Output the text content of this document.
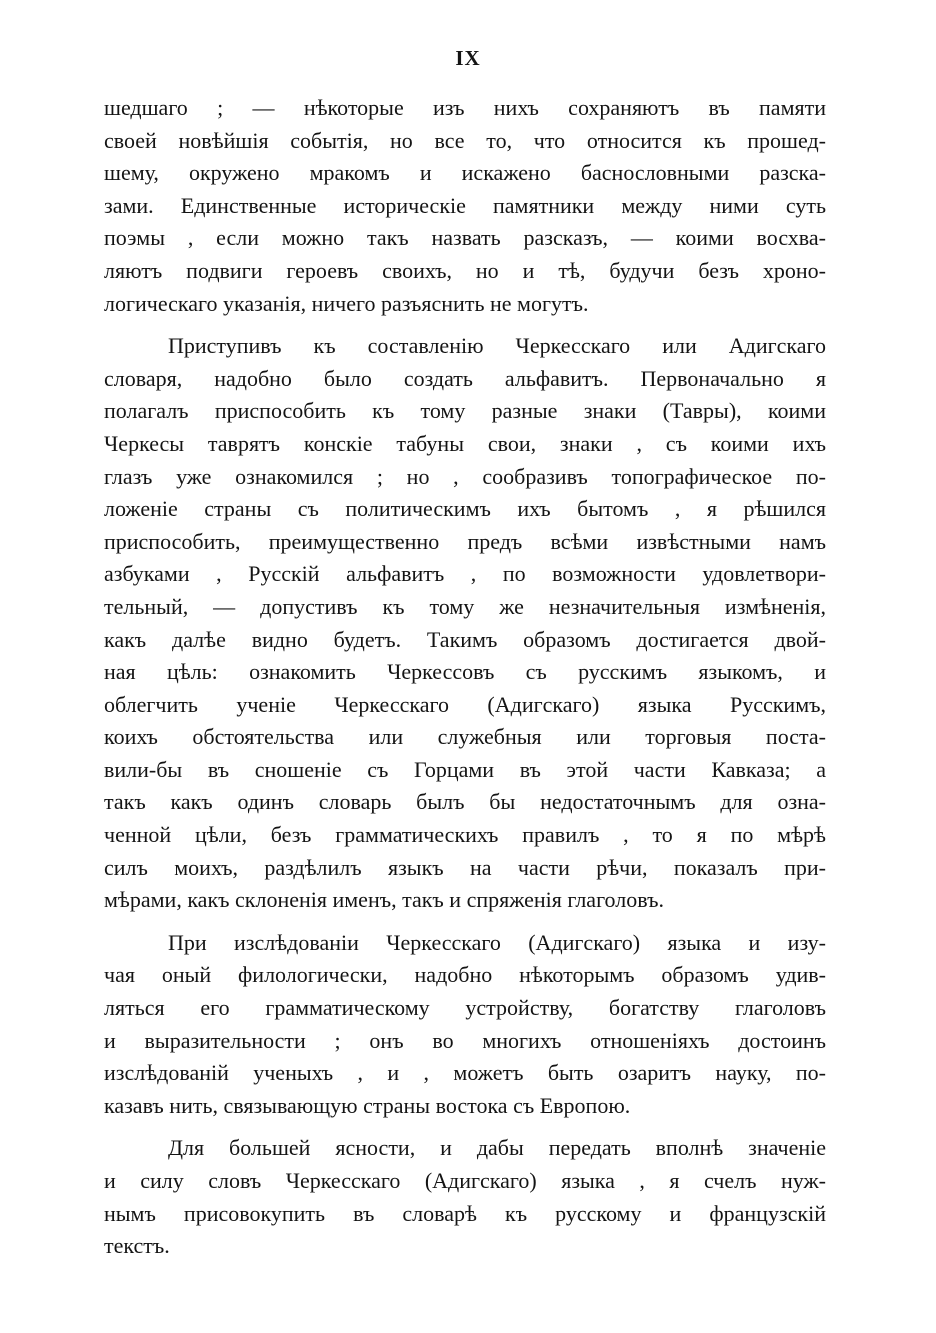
IX
шедшаго ; — нѣкоторые изъ нихъ сохраняютъ въ памяти
своей новѣйшія событія, но все то, что относится къ прошед-
шему, окружено мракомъ и искажено баснословными разска-
зами. Единственные историческіе памятники между ними суть
поэмы , если можно такъ назвать разсказъ, — коими восхва-
ляютъ подвиги героевъ своихъ, но и тѣ, будучи безъ хроно-
логическаго указанія, ничего разъяснить не могутъ.
Приступивъ къ составленію Черкесскаго или Адигскаго
словаря, надобно было создать альфавитъ. Первоначально я
полагалъ приспособить къ тому разные знаки (Тавры), коими
Черкесы таврятъ конскіе табуны свои, знаки , съ коими ихъ
глазъ уже ознакомился ; но , сообразивъ топографическое по-
ложеніе страны съ политическимъ ихъ бытомъ , я рѣшился
приспособить, преимущественно предъ всѣми извѣстными намъ
азбуками , Русскій альфавитъ , по возможности удовлетвори-
тельный, — допустивъ къ тому же незначительныя измѣненія,
какъ далѣе видно будетъ. Такимъ образомъ достигается двой-
ная цѣль: ознакомить Черкессовъ съ русскимъ языкомъ, и
облегчить ученіе Черкесскаго (Адигскаго) языка Русскимъ,
коихъ обстоятельства или служебныя или торговыя поста-
вили-бы въ сношеніе съ Горцами въ этой части Кавказа; а
такъ какъ одинъ словарь былъ бы недостаточнымъ для озна-
ченной цѣли, безъ грамматическихъ правилъ , то я по мѣрѣ
силъ моихъ, раздѣлилъ языкъ на части рѣчи, показалъ при-
мѣрами, какъ склоненія именъ, такъ и спряженія глаголовъ.
При изслѣдованіи Черкесскаго (Адигскаго) языка и изу-
чая оный филологически, надобно нѣкоторымъ образомъ удив-
ляться его грамматическому устройству, богатству глаголовъ
и выразительности ; онъ во многихъ отношеніяхъ достоинъ
изслѣдованій ученыхъ , и , можетъ быть озаритъ науку, по-
казавъ нить, связывающую страны востока съ Европою.
Для большей ясности, и дабы передать вполнѣ значеніе
и силу словъ Черкесскаго (Адигскаго) языка , я счелъ нуж-
нымъ присовокупить въ словарѣ къ русскому и французскій
текстъ.
